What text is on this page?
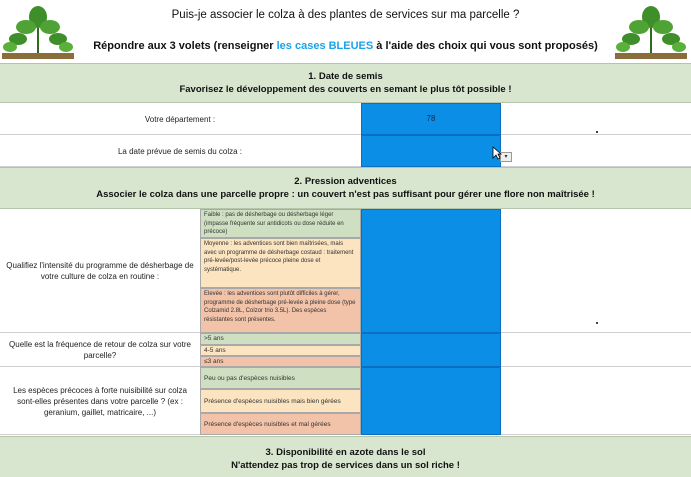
Puis-je associer le colza à des plantes de services sur ma parcelle ?
Répondre aux 3 volets (renseigner les cases BLEUES à l'aide des choix qui vous sont proposés)
1. Date de semis
Favorisez le développement des couverts en semant le plus tôt possible !
Votre département :	78
La date prévue de semis du colza :
▾
2. Pression adventices
Associer le colza dans une parcelle propre : un couvert n'est pas suffisant pour gérer une flore non maîtrisée !
Qualifiez l'intensité du programme de désherbage de votre culture de colza en routine :
Faible : pas de désherbage ou désherbage léger (impasse fréquente sur antidicots ou dose réduite en précoce)
Moyenne : les adventices sont bien maîtrisées, mais avec un programme de désherbage costaud : traitement pré-levée/post-levée précoce pleine dose et systématique.
Elevée : les adventices sont plutôt difficiles à gérer, programme de désherbage pré-levée à pleine dose (type Colzamid 2.8L, Colzor trio 3.5L). Des espèces résistantes sont présentes.
Quelle est la fréquence de retour de colza sur votre parcelle?
>5 ans
4-5 ans
≤3 ans
Les espèces précoces à forte nuisibilité sur colza sont-elles présentes dans votre parcelle ? (ex : geranium, gaillet, matricaire, ...)
Peu ou pas d'espèces nuisibles
Présence d'espèces nuisibles mais bien gérées
Présence d'espèces nuisibles et mal gérées
3. Disponibilité en azote dans le sol
N'attendez pas trop de services dans un sol riche !
